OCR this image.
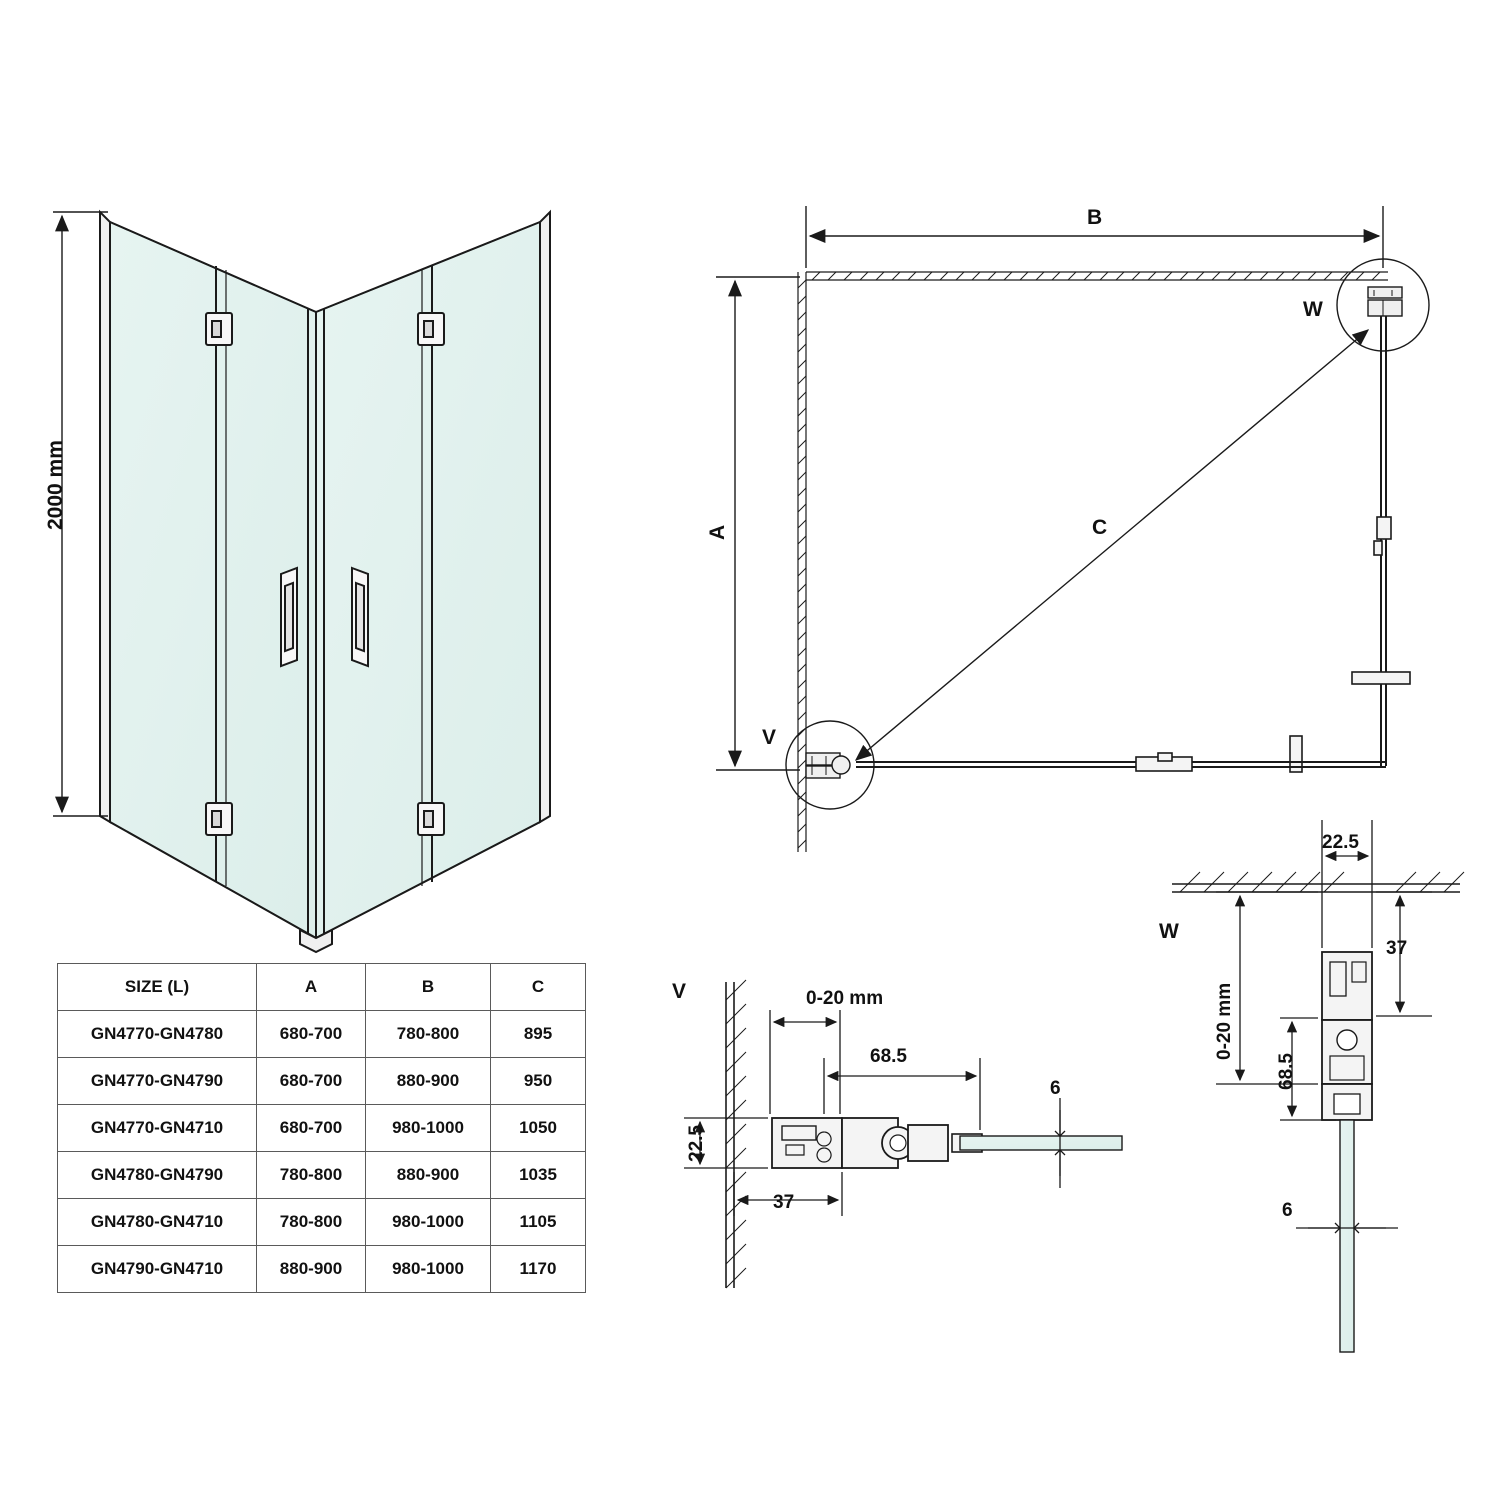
2000 mm
B
A	C
W
V
V	0-20 mm
68.5
22.5
37
6
W
22.5
37
68.5
0-20 mm
6
SIZE (L)	A	B	C
GN4770-GN4780	680-700	780-800	895
GN4770-GN4790	680-700	880-900	950
GN4770-GN4710	680-700	980-1000	1050
GN4780-GN4790	780-800	880-900	1035
GN4780-GN4710	780-800	980-1000	1105
GN4790-GN4710	880-900	980-1000	1170
